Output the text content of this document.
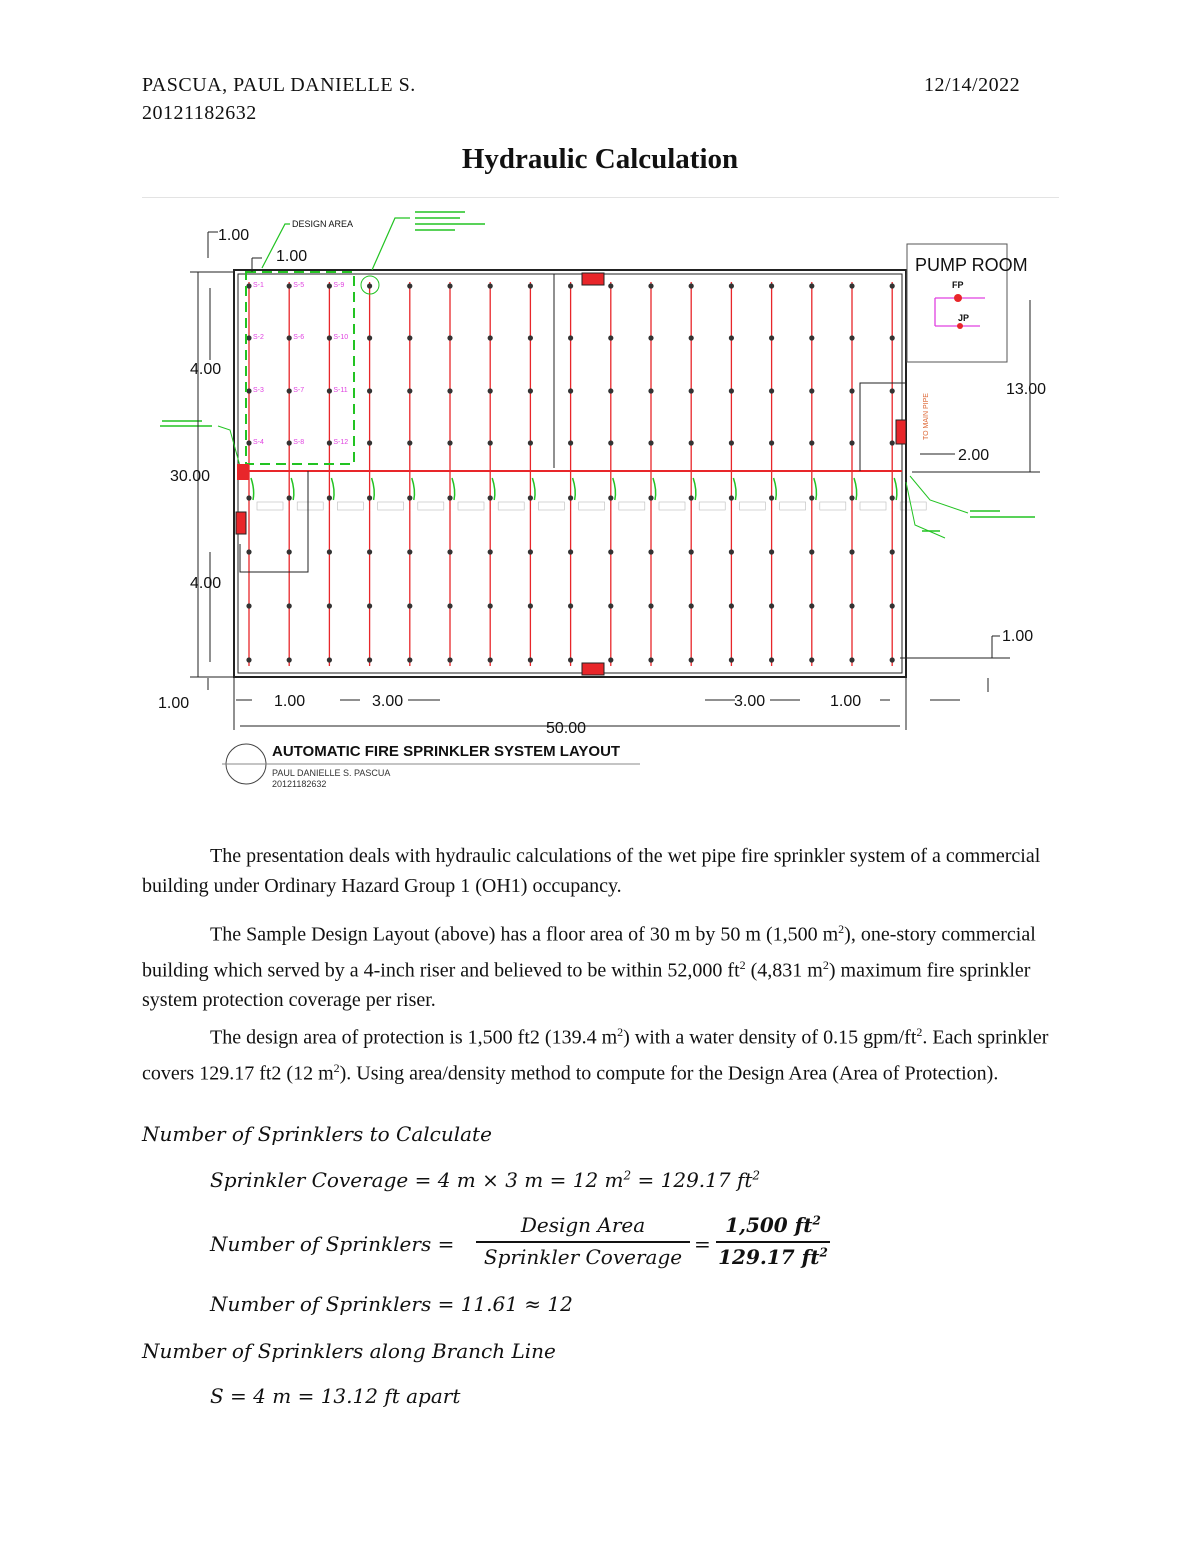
PASCUA, PAUL DANIELLE S.
20121182632
12/14/2022
Hydraulic Calculation
DESIGN AREA
S-1	S-5	S-9
S-2	S-6	S-10
S-3	S-7	S-11
S-4	S-8	S-12
TO MAIN PIPE
PUMP ROOM
FP
JP
1.00
1.00
4.00
30.00
4.00
1.00	1.00	3.00	3.00	1.00
50.00
13.00
2.00
1.00
AUTOMATIC FIRE SPRINKLER SYSTEM LAYOUT
PAUL DANIELLE S. PASCUA
20121182632
The presentation deals with hydraulic calculations of the wet pipe fire sprinkler system of a commercial building under Ordinary Hazard Group 1 (OH1) occupancy.
The Sample Design Layout (above) has a floor area of 30 m by 50 m (1,500 $m^2$), one-story commercial building which served by a 4-inch riser and believed to be within 52,000 $ft^2$ (4,831 $m^2$) maximum fire sprinkler system protection coverage per riser.
The design area of protection is 1,500 ft2 (139.4 $m^2$) with a water density of 0.15 gpm/$ft^2$. Each sprinkler covers 129.17 ft2 (12 $m^2$). Using area/density method to compute for the Design Area (Area of Protection).
Number of Sprinklers to Calculate
Sprinkler Coverage = 4 m × 3 m = 12 $m^2 = 129.17$ $ft^2$
Number of Sprinklers =
Design Area
Sprinkler Coverage
= $\frac{1,500 ft^2}{129.17 ft^2}$
Number of Sprinklers = 11.61 ≈ 12
Number of Sprinklers along Branch Line
S = 4 m = 13.12 ft apart
